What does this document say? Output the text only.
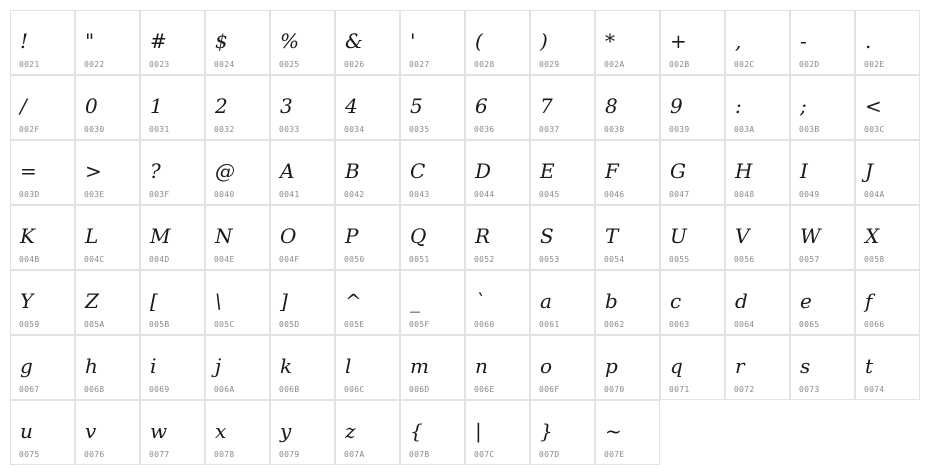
!
0021
"
0022
#
0023
$
0024
%
0025
&
0026
'
0027
(
0028
)
0029
*
002A
+
002B
,
002C
-
002D
.
002E
/
002F
0
0030
1
0031
2
0032
3
0033
4
0034
5
0035
6
0036
7
0037
8
0038
9
0039
:
003A
;
003B
<
003C
=
003D
>
003E
?
003F
@
0040
A
0041
B
0042
C
0043
D
0044
E
0045
F
0046
G
0047
H
0048
I
0049
J
004A
K
004B
L
004C
M
004D
N
004E
O
004F
P
0050
Q
0051
R
0052
S
0053
T
0054
U
0055
V
0056
W
0057
X
0058
Y
0059
Z
005A
[
005B
\
005C
]
005D
^
005E
_
005F
`
0060
a
0061
b
0062
c
0063
d
0064
e
0065
f
0066
g
0067
h
0068
i
0069
j
006A
k
006B
l
006C
m
006D
n
006E
o
006F
p
0070
q
0071
r
0072
s
0073
t
0074
u
0075
v
0076
w
0077
x
0078
y
0079
z
007A
{
007B
|
007C
}
007D
~
007E
